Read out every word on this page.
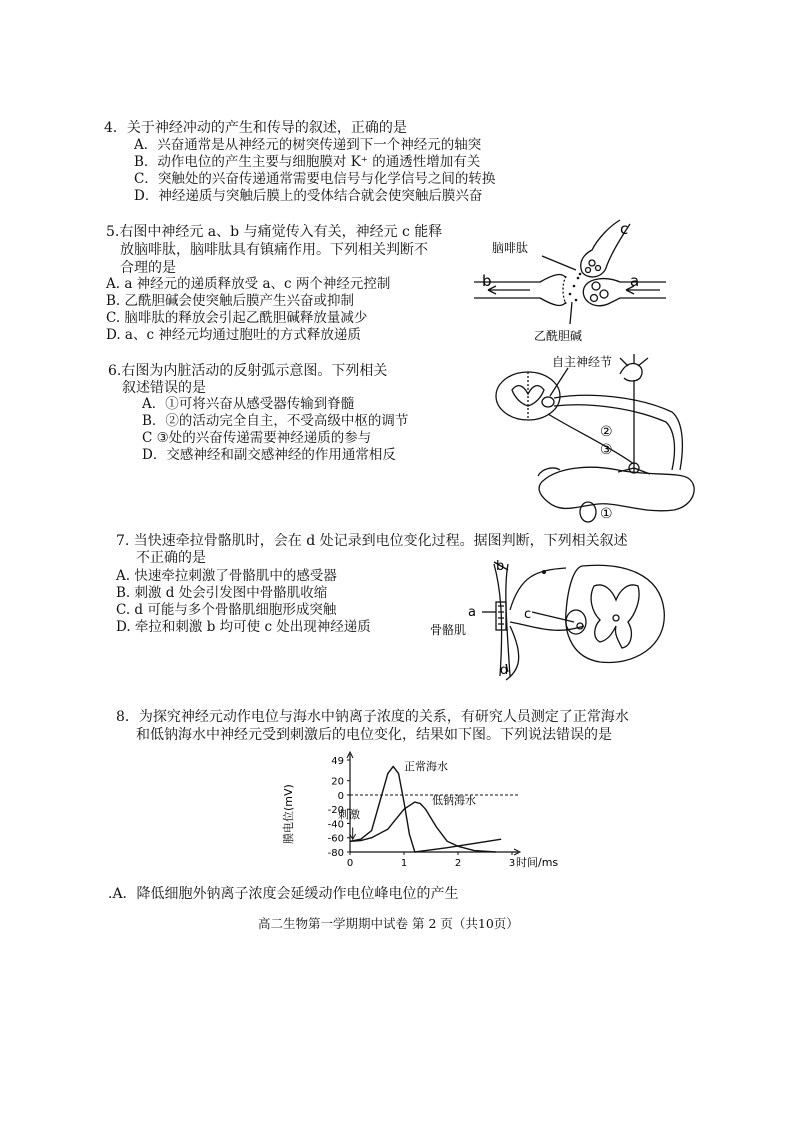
4．关于神经冲动的产生和传导的叙述，正确的是
A．兴奋通常是从神经元的树突传递到下一个神经元的轴突
B．动作电位的产生主要与细胞膜对 K⁺ 的通透性增加有关
C．突触处的兴奋传递通常需要电信号与化学信号之间的转换
D．神经递质与突触后膜上的受体结合就会使突触后膜兴奋
5.右图中神经元 a、b 与痛觉传入有关，神经元 c 能释
放脑啡肽，脑啡肽具有镇痛作用。下列相关判断不
合理的是
A. a 神经元的递质释放受 a、c 两个神经元控制
B. 乙酰胆碱会使突触后膜产生兴奋或抑制
C. 脑啡肽的释放会引起乙酰胆碱释放量减少
D. a、c 神经元均通过胞吐的方式释放递质
c
脑啡肽
b	a
乙酰胆碱
6.右图为内脏活动的反射弧示意图。下列相关
叙述错误的是
A．①可将兴奋从感受器传输到脊髓
B．②的活动完全自主，不受高级中枢的调节
C ③处的兴奋传递需要神经递质的参与
D．交感神经和副交感神经的作用通常相反
自主神经节
①
②
③
7. 当快速牵拉骨骼肌时，会在 d 处记录到电位变化过程。据图判断，下列相关叙述
不正确的是
A. 快速牵拉刺激了骨骼肌中的感受器
B. 刺激 d 处会引发图中骨骼肌收缩
C. d 可能与多个骨骼肌细胞形成突触
D. 牵拉和刺激 b 均可使 c 处出现神经递质
b
a	c
骨骼肌
d
8．为探究神经元动作电位与海水中钠离子浓度的关系，有研究人员测定了正常海水
和低钠海水中神经元受到刺激后的电位变化，结果如下图。下列说法错误的是
膜电位(mV)
时间/ms
刺激
正常海水
低钠海水
49
20
0
-20
-40
-60
-80
0	1	2	3
.A．降低细胞外钠离子浓度会延缓动作电位峰电位的产生
高二生物第一学期期中试卷 第 2 页（共10页）
